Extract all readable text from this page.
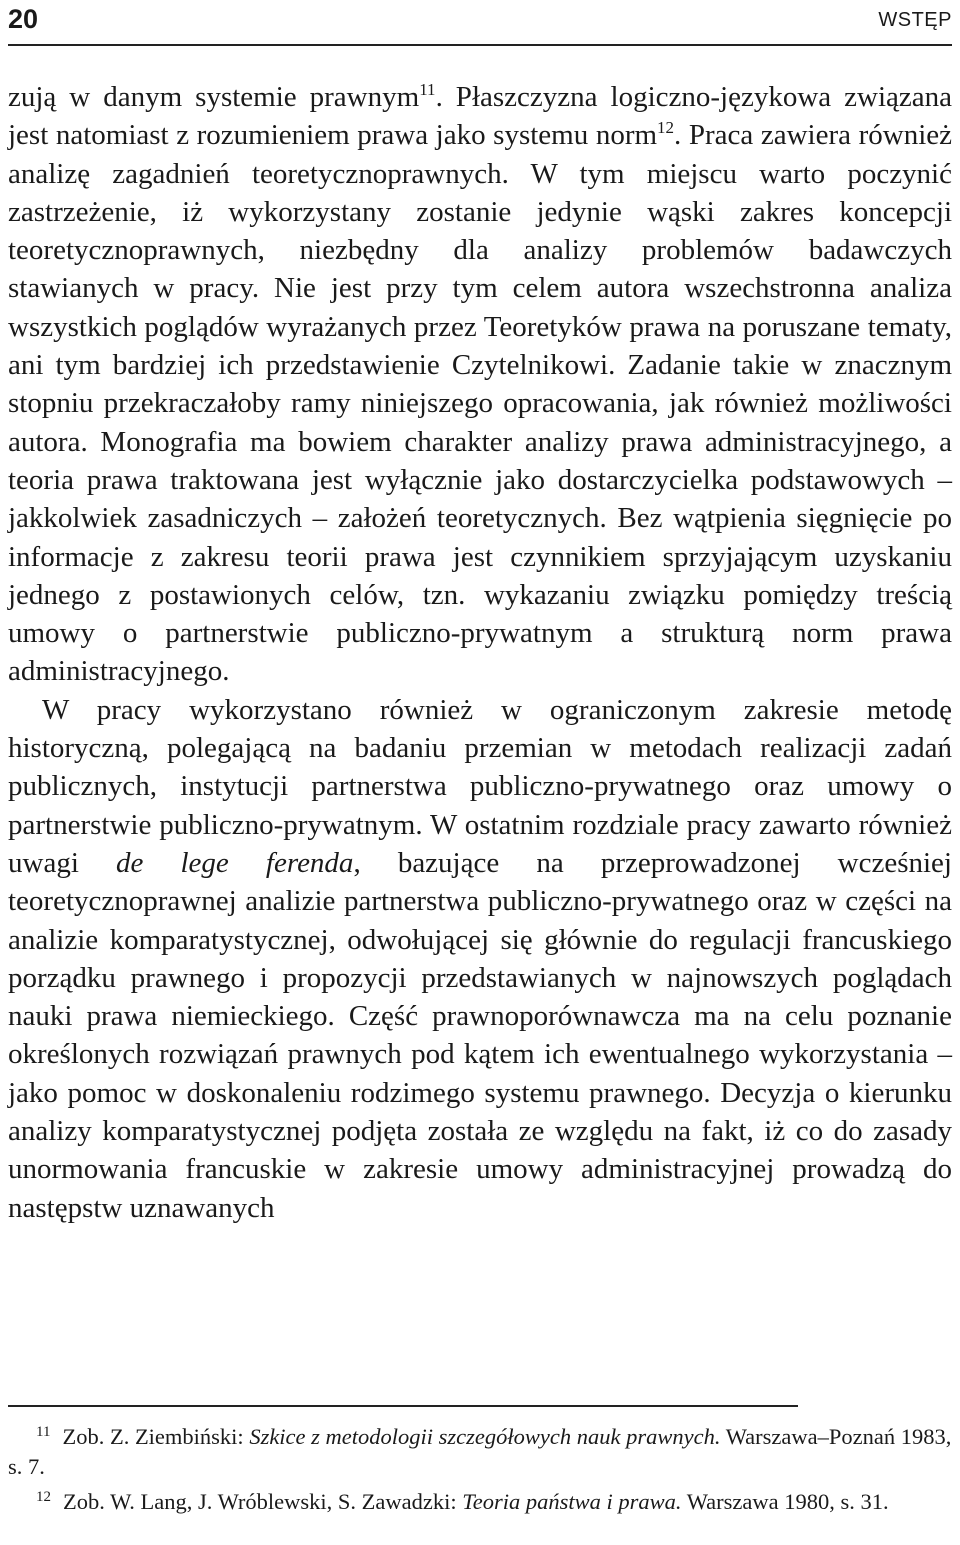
20	WSTĘP

zują w danym systemie prawnym$^{11}$. Płaszczyzna logiczno-językowa związana jest natomiast z rozumieniem prawa jako systemu norm$^{12}$. Praca zawiera również analizę zagadnień teoretycznoprawnych. W tym miejscu warto poczynić zastrzeżenie, iż wykorzystany zostanie jedynie wąski zakres koncepcji teoretycznoprawnych, niezbędny dla analizy problemów badawczych stawianych w pracy. Nie jest przy tym celem autora wszechstronna analiza wszystkich poglądów wyrażanych przez Teoretyków prawa na poruszane tematy, ani tym bardziej ich przedstawienie Czytelnikowi. Zadanie takie w znacznym stopniu przekraczałoby ramy niniejszego opracowania, jak również możliwości autora. Monografia ma bowiem charakter analizy prawa administracyjnego, a teoria prawa traktowana jest wyłącznie jako dostarczycielka podstawowych – jakkolwiek zasadniczych – założeń teoretycznych. Bez wątpienia sięgnięcie po informacje z zakresu teorii prawa jest czynnikiem sprzyjającym uzyskaniu jednego z postawionych celów, tzn. wykazaniu związku pomiędzy treścią umowy o partnerstwie publiczno-prywatnym a strukturą norm prawa administracyjnego.

W pracy wykorzystano również w ograniczonym zakresie metodę historyczną, polegającą na badaniu przemian w metodach realizacji zadań publicznych, instytucji partnerstwa publiczno-prywatnego oraz umowy o partnerstwie publiczno-prywatnym. W ostatnim rozdziale pracy zawarto również uwagi de lege ferenda, bazujące na przeprowadzonej wcześniej teoretycznoprawnej analizie partnerstwa publiczno-prywatnego oraz w części na analizie komparatystycznej, odwołującej się głównie do regulacji francuskiego porządku prawnego i propozycji przedstawianych w najnowszych poglądach nauki prawa niemieckiego. Część prawnoporównawcza ma na celu poznanie określonych rozwiązań prawnych pod kątem ich ewentualnego wykorzystania – jako pomoc w doskonaleniu rodzimego systemu prawnego. Decyzja o kierunku analizy komparatystycznej podjęta została ze względu na fakt, iż co do zasady unormowania francuskie w zakresie umowy administracyjnej prowadzą do następstw uznawanych

$^{11}$ Zob. Z. Ziembiński: Szkice z metodologii szczegółowych nauk prawnych. Warszawa–Poznań 1983, s. 7.

$^{12}$ Zob. W. Lang, J. Wróblewski, S. Zawadzki: Teoria państwa i prawa. Warszawa 1980, s. 31.
